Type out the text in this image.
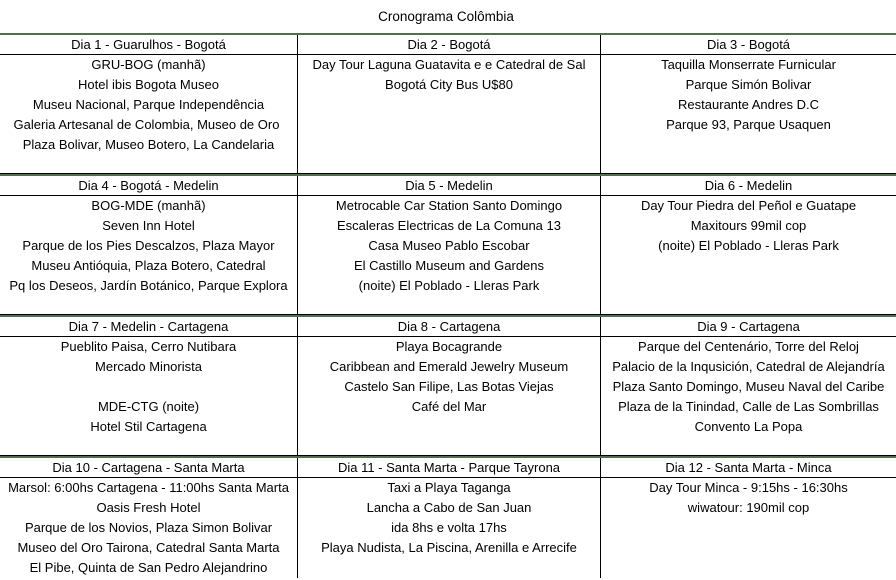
Cronograma Colômbia
Dia 1 - Guarulhos - Bogotá
GRU-BOG (manhã)
Hotel ibis Bogota Museo
Museu Nacional, Parque Independência
Galeria Artesanal de Colombia, Museo de Oro
Plaza Bolivar, Museo Botero, La Candelaria
Dia 2 - Bogotá
Day Tour Laguna Guatavita e e Catedral de Sal
Bogotá City Bus U$80
Dia 3 - Bogotá
Taquilla Monserrate Furnicular
Parque Simón Bolivar
Restaurante Andres D.C
Parque 93, Parque Usaquen
Dia 4 - Bogotá - Medelin
BOG-MDE (manhã)
Seven Inn Hotel
Parque de los Pies Descalzos, Plaza Mayor
Museu Antióquia, Plaza Botero, Catedral
Pq los Deseos, Jardín Botánico, Parque Explora
Dia 5 - Medelin
Metrocable Car Station Santo Domingo
Escaleras Electricas de La Comuna 13
Casa Museo Pablo Escobar
El Castillo Museum and Gardens
(noite) El Poblado - Lleras Park
Dia 6 - Medelin
Day Tour Piedra del Peñol e Guatape
Maxitours 99mil cop
(noite) El Poblado - Lleras Park
Dia 7 - Medelin - Cartagena
Pueblito Paisa, Cerro Nutibara
Mercado Minorista
MDE-CTG (noite)
Hotel Stil Cartagena
Dia 8 - Cartagena
Playa Bocagrande
Caribbean and Emerald Jewelry Museum
Castelo San Filipe, Las Botas Viejas
Café del Mar
Dia 9 - Cartagena
Parque del Centenário, Torre del Reloj
Palacio de la Inqusición, Catedral de Alejandría
Plaza Santo Domingo, Museu Naval del Caribe
Plaza de la Tinindad, Calle de Las Sombrillas
Convento La Popa
Dia 10 - Cartagena - Santa Marta
Marsol: 6:00hs Cartagena - 11:00hs Santa Marta
Oasis Fresh Hotel
Parque de los Novios, Plaza Simon Bolivar
Museo del Oro Tairona, Catedral Santa Marta
El Pibe, Quinta de San Pedro Alejandrino
Dia 11 - Santa Marta - Parque Tayrona
Taxi a Playa Taganga
Lancha a Cabo de San Juan
ida 8hs e volta 17hs
Playa Nudista, La Piscina, Arenilla e Arrecife
Dia 12 - Santa Marta - Minca
Day Tour Minca - 9:15hs - 16:30hs
wiwatour: 190mil cop
